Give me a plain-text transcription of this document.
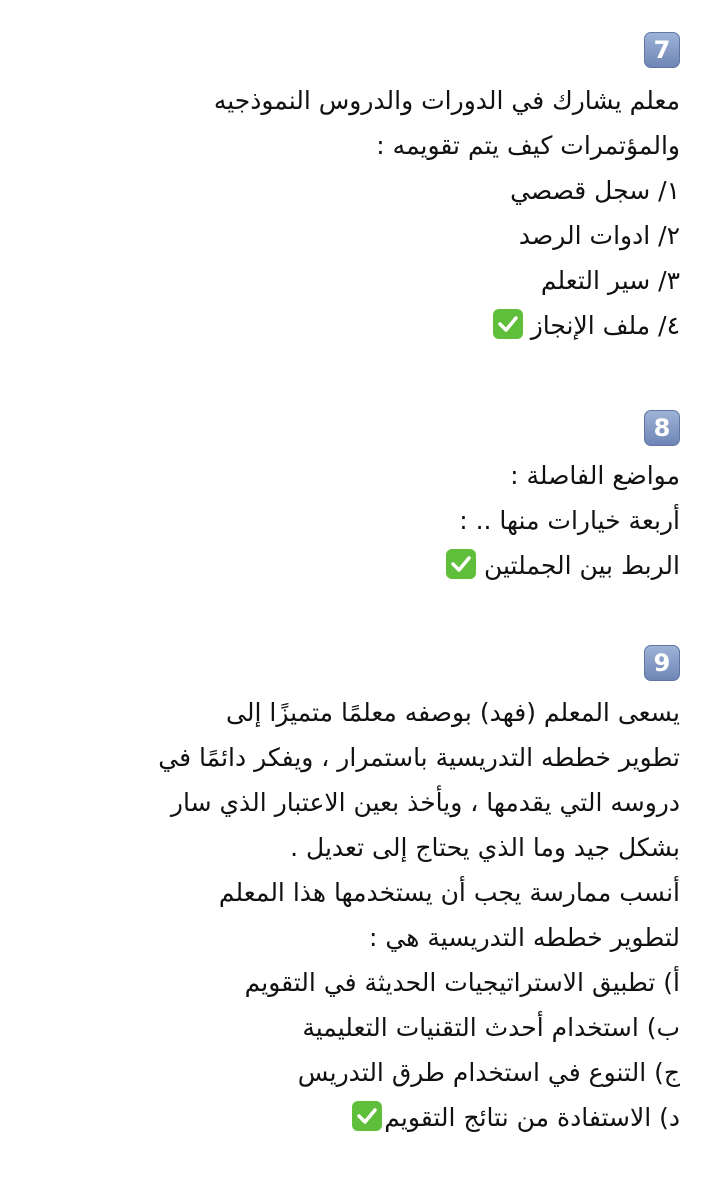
7
معلم يشارك في الدورات والدروس النموذجيه
والمؤتمرات كيف يتم تقويمه :
١/ سجل قصصي
٢/ ادوات الرصد
٣/ سير التعلم
٤/ ملف الإنجاز
8
مواضع الفاصلة :
أربعة خيارات منها .. :
الربط بين الجملتين
9
يسعى المعلم (فهد) بوصفه معلمًا متميزًا إلى
تطوير خططه التدريسية باستمرار ، ويفكر دائمًا في
دروسه التي يقدمها ، ويأخذ بعين الاعتبار الذي سار
بشكل جيد وما الذي يحتاج إلى تعديل .
أنسب ممارسة يجب أن يستخدمها هذا المعلم
لتطوير خططه التدريسية هي :
أ) تطبيق الاستراتيجيات الحديثة في التقويم
ب) استخدام أحدث التقنيات التعليمية
ج) التنوع في استخدام طرق التدريس
د) الاستفادة من نتائج التقويم
